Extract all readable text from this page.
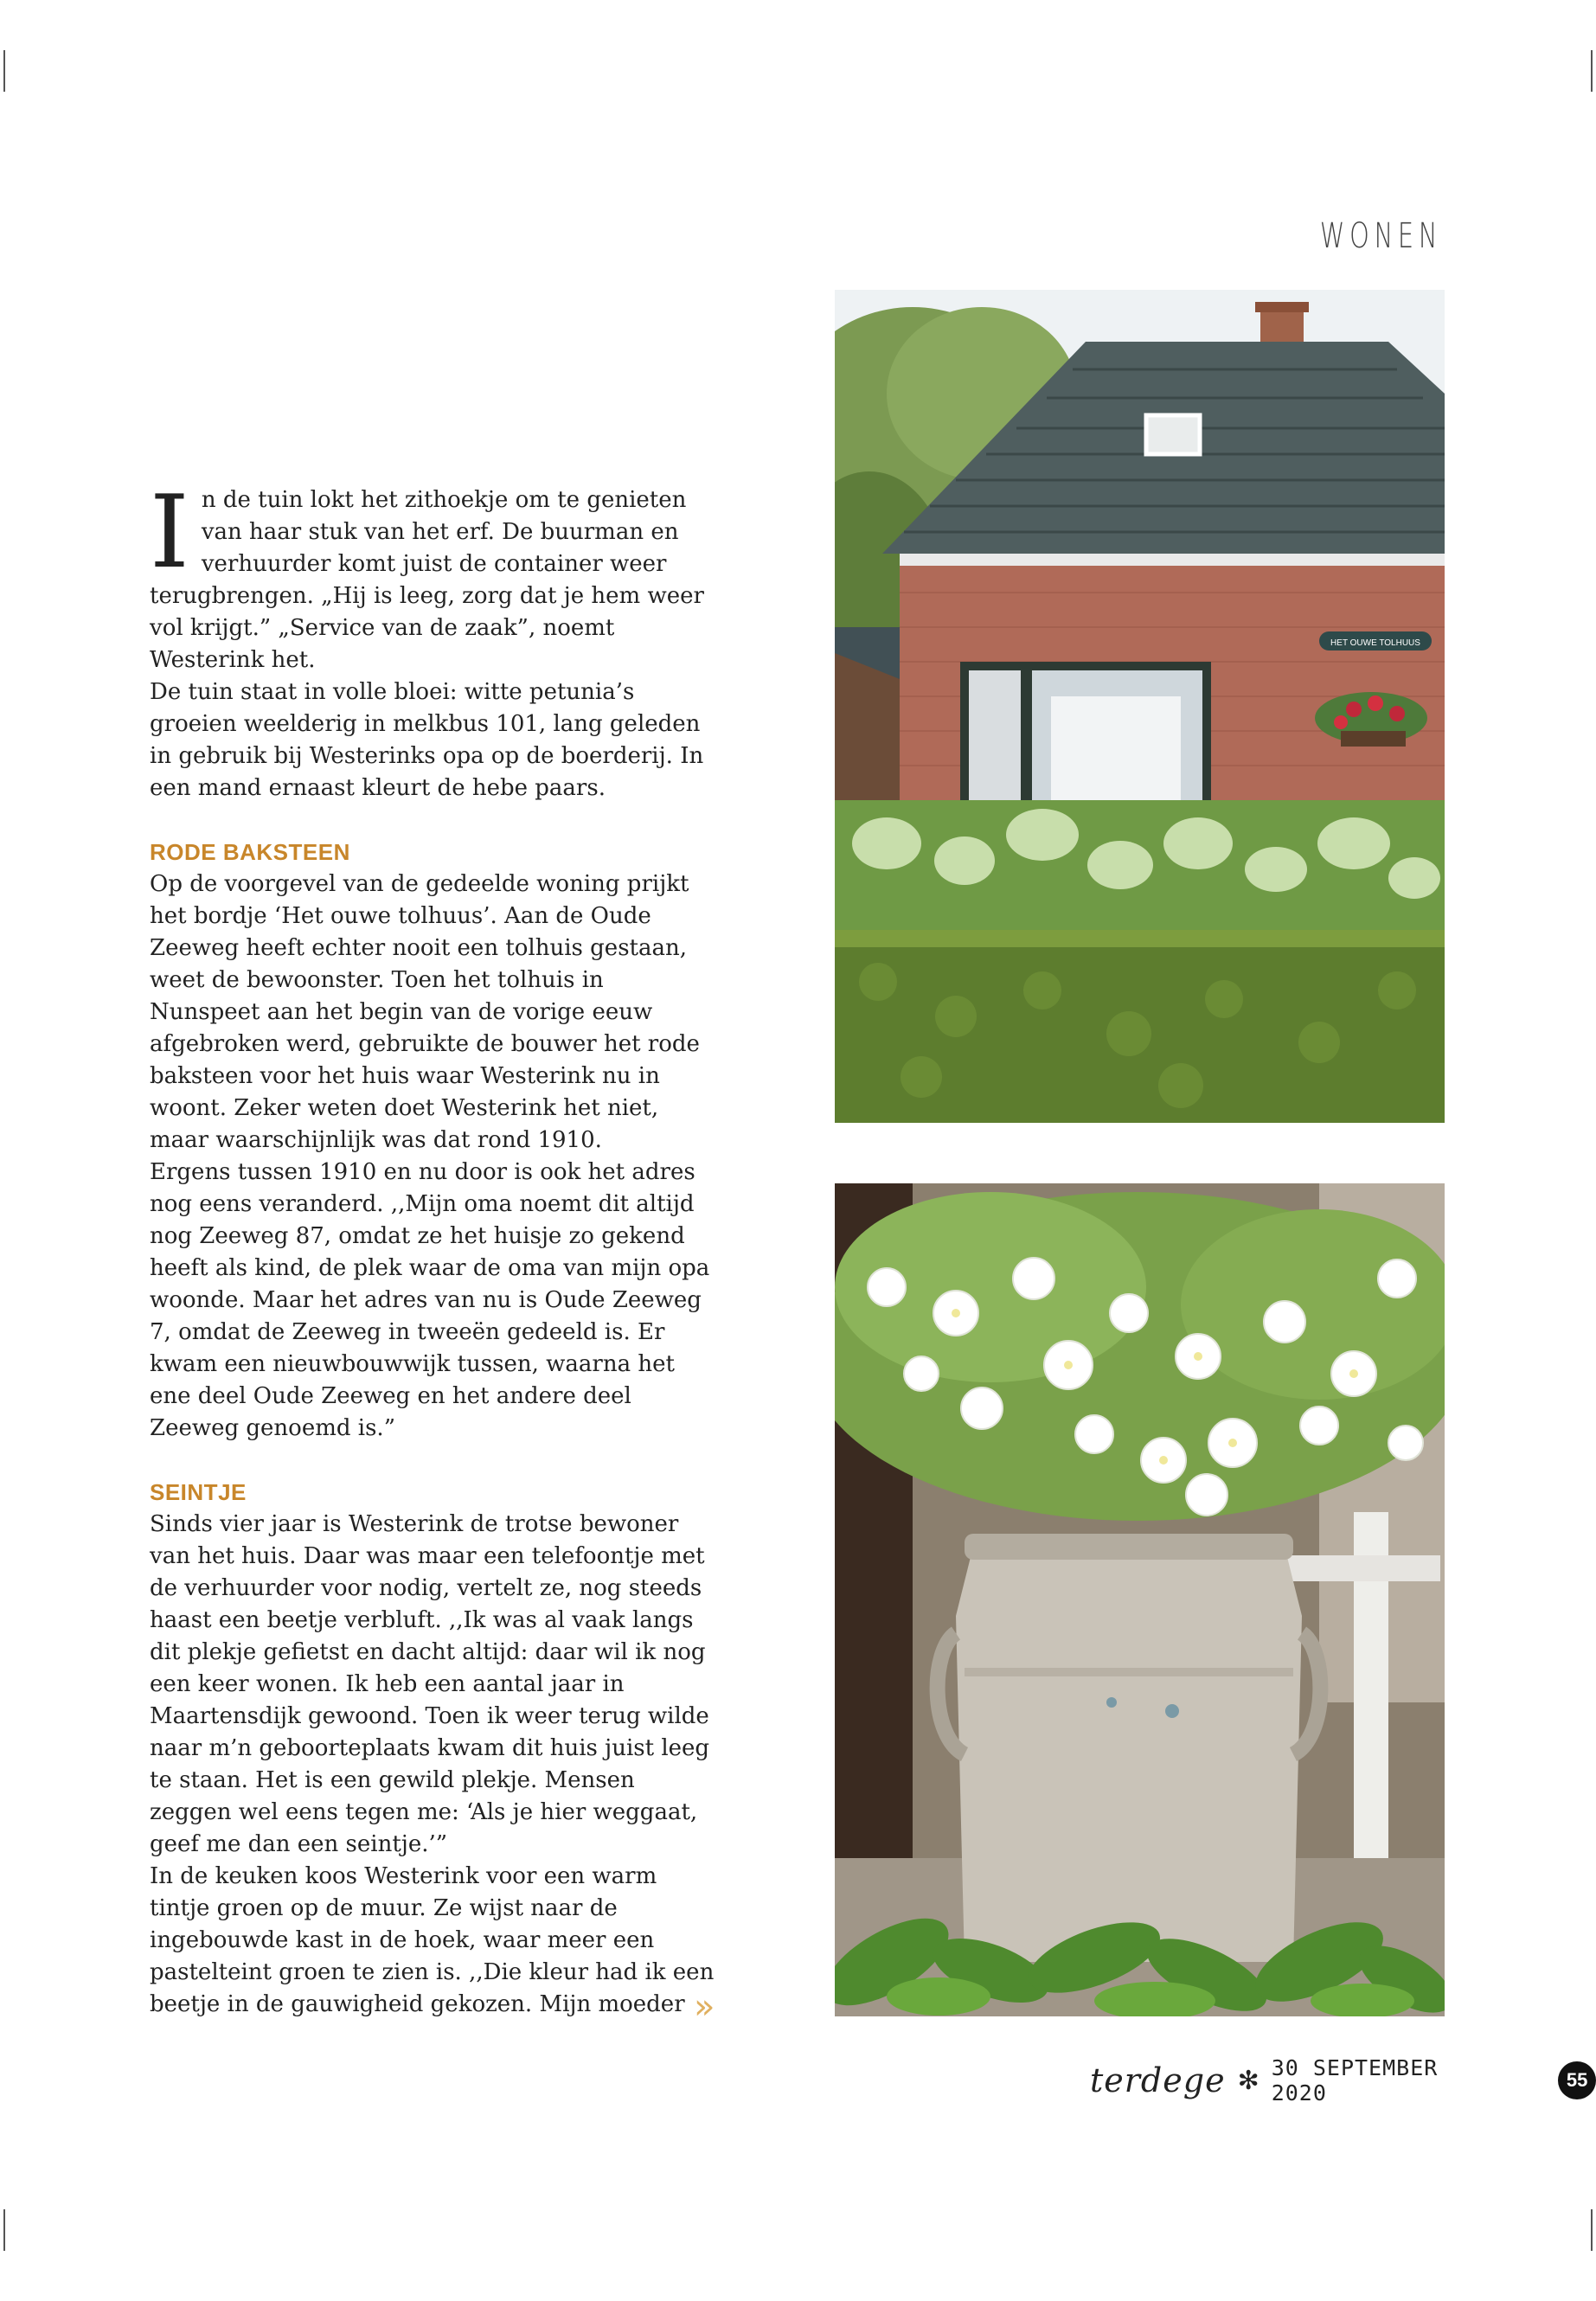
WONEN

In de tuin lokt het zithoekje om te genieten van haar stuk van het erf. De buurman en verhuurder komt juist de container weer terugbrengen. „Hij is leeg, zorg dat je hem weer vol krijgt.” „Service van de zaak”, noemt Westerink het.

De tuin staat in volle bloei: witte petunia’s groeien weelderig in melkbus 101, lang geleden in gebruik bij Westerinks opa op de boerderij. In een mand ernaast kleurt de hebe paars.

RODE BAKSTEEN

Op de voorgevel van de gedeelde woning prijkt het bordje ‘Het ouwe tolhuus’. Aan de Oude Zeeweg heeft echter nooit een tolhuis gestaan, weet de bewoonster. Toen het tolhuis in Nunspeet aan het begin van de vorige eeuw afgebroken werd, gebruikte de bouwer het rode baksteen voor het huis waar Westerink nu in woont. Zeker weten doet Westerink het niet, maar waarschijnlijk was dat rond 1910.

Ergens tussen 1910 en nu door is ook het adres nog eens veranderd. ,,Mijn oma noemt dit altijd nog Zeeweg 87, omdat ze het huisje zo gekend heeft als kind, de plek waar de oma van mijn opa woonde. Maar het adres van nu is Oude Zeeweg 7, omdat de Zeeweg in tweeën gedeeld is. Er kwam een nieuwbouwwijk tussen, waarna het ene deel Oude Zeeweg en het andere deel Zeeweg genoemd is.”

SEINTJE

Sinds vier jaar is Westerink de trotse bewoner van het huis. Daar was maar een telefoontje met de verhuurder voor nodig, vertelt ze, nog steeds haast een beetje verbluft. ,,Ik was al vaak langs dit plekje gefietst en dacht altijd: daar wil ik nog een keer wonen. Ik heb een aantal jaar in Maartensdijk gewoond. Toen ik weer terug wilde naar m’n geboorteplaats kwam dit huis juist leeg te staan. Het is een gewild plekje. Mensen zeggen wel eens tegen me: ‘Als je hier weggaat, geef me dan een seintje.’”

In de keuken koos Westerink voor een warm tintje groen op de muur. Ze wijst naar de ingebouwde kast in de hoek, waar meer een pastelteint groen te zien is. ,,Die kleur had ik een beetje in de gauwigheid gekozen. Mijn moeder »
HET OUWE TOLHUUS
terdege ✻ 30 SEPTEMBER 2020
55
